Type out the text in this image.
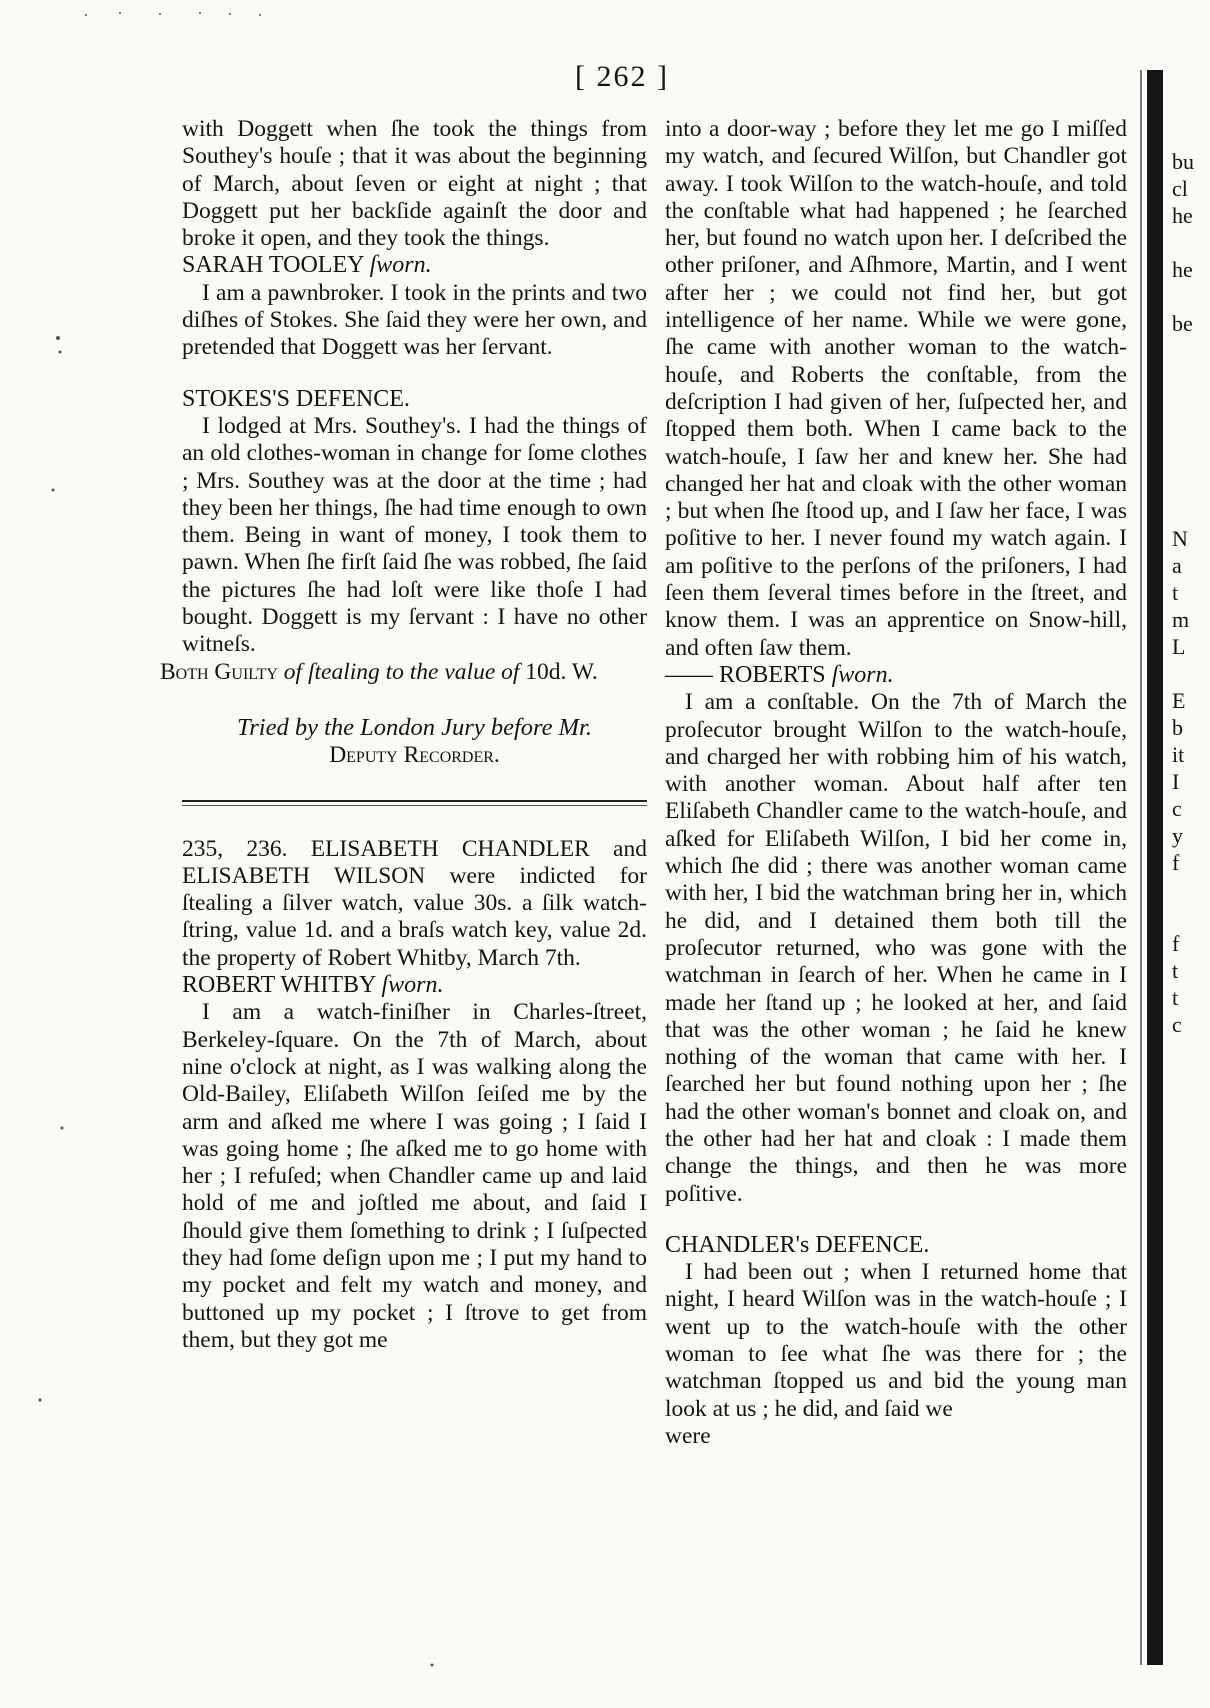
[ 262 ]

with Doggett when ſhe took the things from Southey's houſe ; that it was about the beginning of March, about ſeven or eight at night ; that Doggett put her backſide againſt the door and broke it open, and they took the things.

SARAH TOOLEY ſworn.

I am a pawnbroker. I took in the prints and two diſhes of Stokes. She ſaid they were her own, and pretended that Doggett was her ſervant.

STOKES'S DEFENCE.

I lodged at Mrs. Southey's. I had the things of an old clothes-woman in change for ſome clothes ; Mrs. Southey was at the door at the time ; had they been her things, ſhe had time enough to own them. Being in want of money, I took them to pawn. When ſhe firſt ſaid ſhe was robbed, ſhe ſaid the pictures ſhe had loſt were like thoſe I had bought. Doggett is my ſervant : I have no other witneſs.

Both Guilty of ſtealing to the value of 10d. W.

Tried by the London Jury before Mr.
Deputy Recorder.

235, 236. ELISABETH CHANDLER and ELISABETH WILSON were indicted for ſtealing a ſilver watch, value 30s. a ſilk watch-ſtring, value 1d. and a braſs watch key, value 2d. the property of Robert Whitby, March 7th.

ROBERT WHITBY ſworn.

I am a watch-finiſher in Charles-ſtreet, Berkeley-ſquare. On the 7th of March, about nine o'clock at night, as I was walking along the Old-Bailey, Eliſabeth Wilſon ſeiſed me by the arm and aſked me where I was going ; I ſaid I was going home ; ſhe aſked me to go home with her ; I refuſed; when Chandler came up and laid hold of me and joſtled me about, and ſaid I ſhould give them ſomething to drink ; I ſuſpected they had ſome deſign upon me ; I put my hand to my pocket and felt my watch and money, and buttoned up my pocket ; I ſtrove to get from them, but they got me

into a door-way ; before they let me go I miſſed my watch, and ſecured Wilſon, but Chandler got away. I took Wilſon to the watch-houſe, and told the conſtable what had happened ; he ſearched her, but found no watch upon her. I deſcribed the other priſoner, and Aſhmore, Martin, and I went after her ; we could not find her, but got intelligence of her name. While we were gone, ſhe came with another woman to the watch-houſe, and Roberts the conſtable, from the deſcription I had given of her, ſuſpected her, and ſtopped them both. When I came back to the watch-houſe, I ſaw her and knew her. She had changed her hat and cloak with the other woman ; but when ſhe ſtood up, and I ſaw her face, I was poſitive to her. I never found my watch again. I am poſitive to the perſons of the priſoners, I had ſeen them ſeveral times before in the ſtreet, and know them. I was an apprentice on Snow-hill, and often ſaw them.

—— ROBERTS ſworn.

I am a conſtable. On the 7th of March the proſecutor brought Wilſon to the watch-houſe, and charged her with robbing him of his watch, with another woman. About half after ten Eliſabeth Chandler came to the watch-houſe, and aſked for Eliſabeth Wilſon, I bid her come in, which ſhe did ; there was another woman came with her, I bid the watchman bring her in, which he did, and I detained them both till the proſecutor returned, who was gone with the watchman in ſearch of her. When he came in I made her ſtand up ; he looked at her, and ſaid that was the other woman ; he ſaid he knew nothing of the woman that came with her. I ſearched her but found nothing upon her ; ſhe had the other woman's bonnet and cloak on, and the other had her hat and cloak : I made them change the things, and then he was more poſitive.

CHANDLER's DEFENCE.

I had been out ; when I returned home that night, I heard Wilſon was in the watch-houſe ; I went up to the watch-houſe with the other woman to ſee what ſhe was there for ; the watchman ſtopped us and bid the young man look at us ; he did, and ſaid we

were

bu
cl
he

he

be
N
a
t
m
L

E
b
it
I
c
y
f

f
t
t
c
